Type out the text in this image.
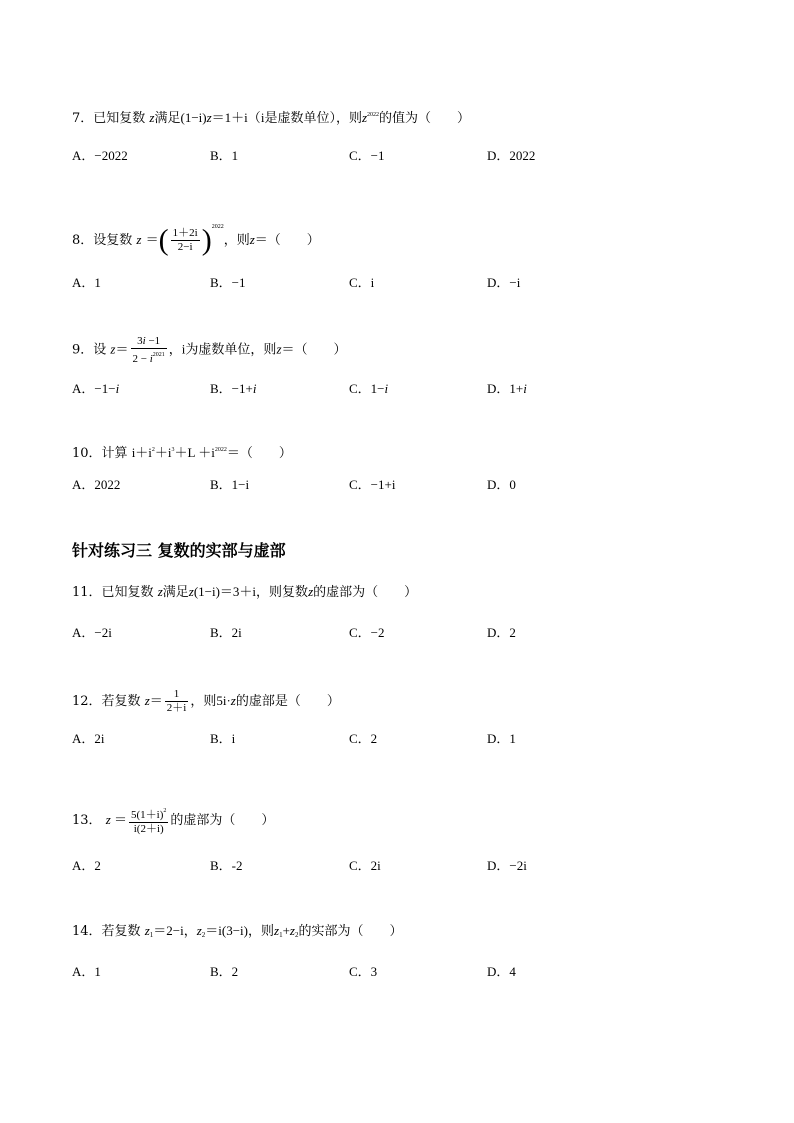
7．已知复数 z满足(1−i)z＝1＋i（i是虚数单位），则$z^{2022}$的值为（　　）
A．−2022	B．1	C．−1	D．2022
8．设复数 z ＝( $\frac{1+2i}{2-i} )^{2022}$，则z＝（　　）
A．1	B．−1	C．i	D．−i
9．设 $z= \frac{3i -1}{2 - i^{2021}}$ ，i为虚数单位，则z＝（　　）
A．−1−i	B．−1+i	C．1−i	D．1+i
10．计算 $i+i^2+i^3+L +i^{2022}=$（　　）
A．2022	B．1−i	C．−1+i	D．0
针对练习三 复数的实部与虚部
11．已知复数 z满足z(1−i)＝3＋i，则复数z的虚部为（　　）
A．−2i	B．2i	C．−2	D．2
12．若复数 $z= \frac{1}{2+i}$ ，则5i·z的虚部是（　　）
A．2i	B．i	C．2	D．1
13． $z = \frac{5(1+i)^2}{i(2+i)}$ 的虚部为（　　）
A．2	B．-2	C．2i	D．−2i
14．若复数 $z_1=2-i$，$z_2=i(3-i)$，则$z_1+z_2$的实部为（　　）
A．1	B．2	C．3	D．4
